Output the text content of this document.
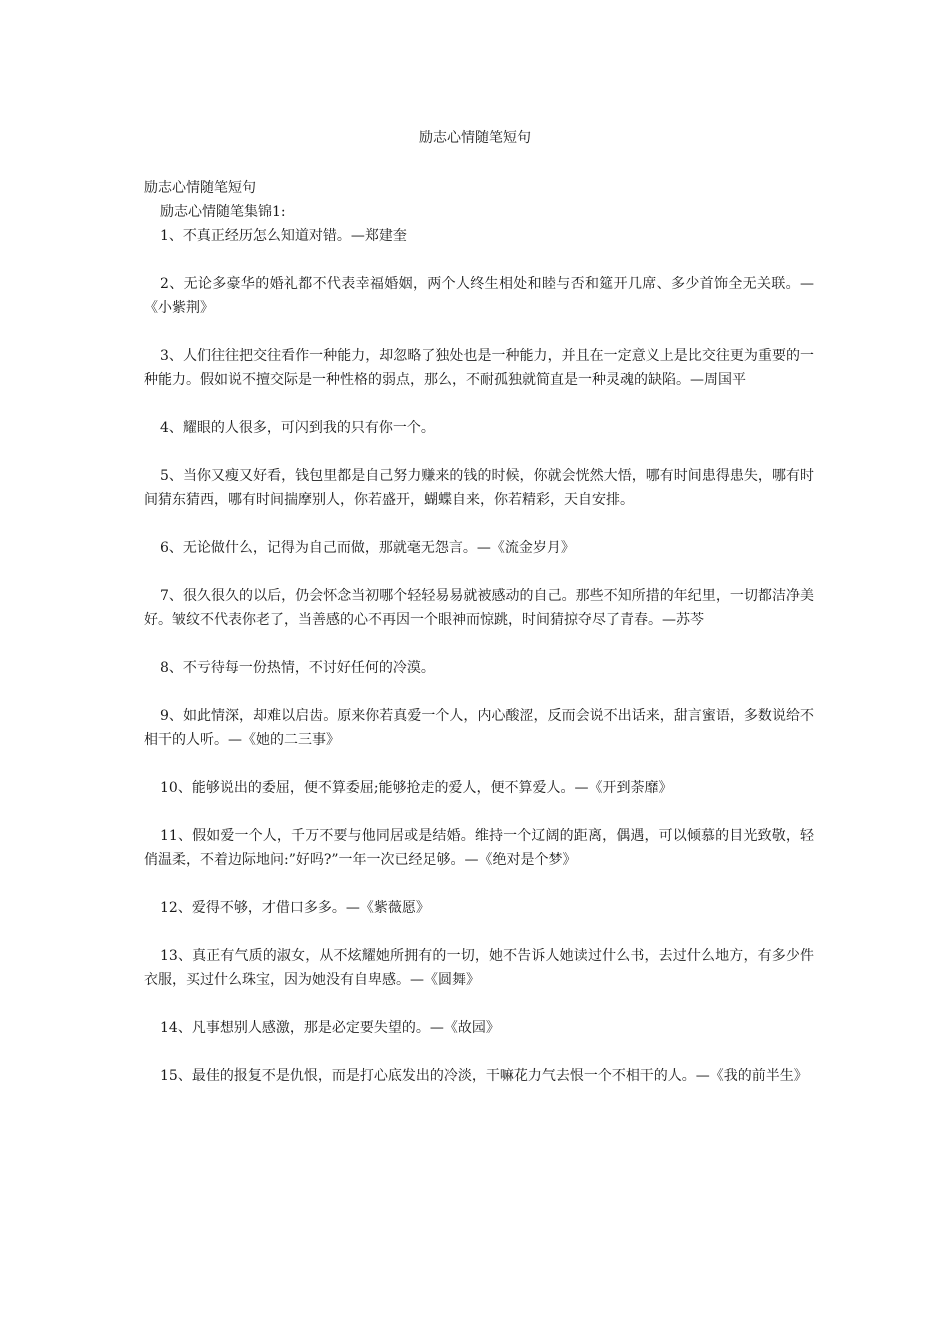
励志心情随笔短句

励志心情随笔短句

励志心情随笔集锦1:

1、不真正经历怎么知道对错。—郑建奎

2、无论多豪华的婚礼都不代表幸福婚姻，两个人终生相处和睦与否和筵开几席、多少首饰全无关联。—《小紫荆》

3、人们往往把交往看作一种能力，却忽略了独处也是一种能力，并且在一定意义上是比交往更为重要的一种能力。假如说不擅交际是一种性格的弱点，那么，不耐孤独就简直是一种灵魂的缺陷。—周国平

4、耀眼的人很多，可闪到我的只有你一个。

5、当你又瘦又好看，钱包里都是自己努力赚来的钱的时候，你就会恍然大悟，哪有时间患得患失，哪有时间猜东猜西，哪有时间揣摩别人，你若盛开，蝴蝶自来，你若精彩，天自安排。

6、无论做什么，记得为自己而做，那就毫无怨言。—《流金岁月》

7、很久很久的以后，仍会怀念当初哪个轻轻易易就被感动的自己。那些不知所措的年纪里，一切都洁净美好。皱纹不代表你老了，当善感的心不再因一个眼神而惊跳，时间猜掠夺尽了青春。—苏芩

8、不亏待每一份热情，不讨好任何的冷漠。

9、如此情深，却难以启齿。原来你若真爱一个人，内心酸涩，反而会说不出话来，甜言蜜语，多数说给不相干的人听。—《她的二三事》

10、能够说出的委屈，便不算委屈;能够抢走的爱人，便不算爱人。—《开到荼靡》

11、假如爱一个人，千万不要与他同居或是结婚。维持一个辽阔的距离，偶遇，可以倾慕的目光致敬，轻俏温柔，不着边际地问:”好吗?”一年一次已经足够。—《绝对是个梦》

12、爱得不够，才借口多多。—《紫薇愿》

13、真正有气质的淑女，从不炫耀她所拥有的一切，她不告诉人她读过什么书，去过什么地方，有多少件衣服，买过什么珠宝，因为她没有自卑感。—《圆舞》

14、凡事想别人感激，那是必定要失望的。—《故园》

15、最佳的报复不是仇恨，而是打心底发出的冷淡，干嘛花力气去恨一个不相干的人。—《我的前半生》
